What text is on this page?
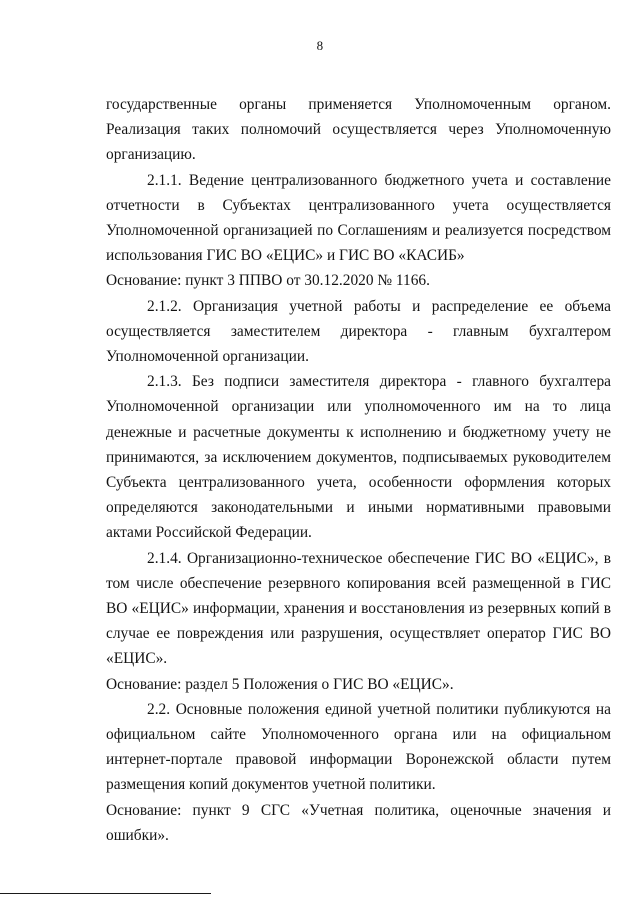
8

государственные органы применяется Уполномоченным органом. Реализация таких полномочий осуществляется через Уполномоченную организацию.

2.1.1. Ведение централизованного бюджетного учета и составление отчетности в Субъектах централизованного учета осуществляется Уполномоченной организацией по Соглашениям и реализуется посредством использования ГИС ВО «ЕЦИС» и ГИС ВО «КАСИБ»

Основание: пункт 3 ППВО от 30.12.2020 № 1166.

2.1.2. Организация учетной работы и распределение ее объема осуществляется заместителем директора - главным бухгалтером Уполномоченной организации.

2.1.3. Без подписи заместителя директора - главного бухгалтера Уполномоченной организации или уполномоченного им на то лица денежные и расчетные документы к исполнению и бюджетному учету не принимаются, за исключением документов, подписываемых руководителем Субъекта централизованного учета, особенности оформления которых определяются законодательными и иными нормативными правовыми актами Российской Федерации.

2.1.4. Организационно-техническое обеспечение ГИС ВО «ЕЦИС», в том числе обеспечение резервного копирования всей размещенной в ГИС ВО «ЕЦИС» информации, хранения и восстановления из резервных копий в случае ее повреждения или разрушения, осуществляет оператор ГИС ВО «ЕЦИС».

Основание: раздел 5 Положения о ГИС ВО «ЕЦИС».

2.2. Основные положения единой учетной политики публикуются на официальном сайте Уполномоченного органа или на официальном интернет-портале правовой информации Воронежской области путем размещения копий документов учетной политики.

Основание: пункт 9 СГС «Учетная политика, оценочные значения и ошибки».
